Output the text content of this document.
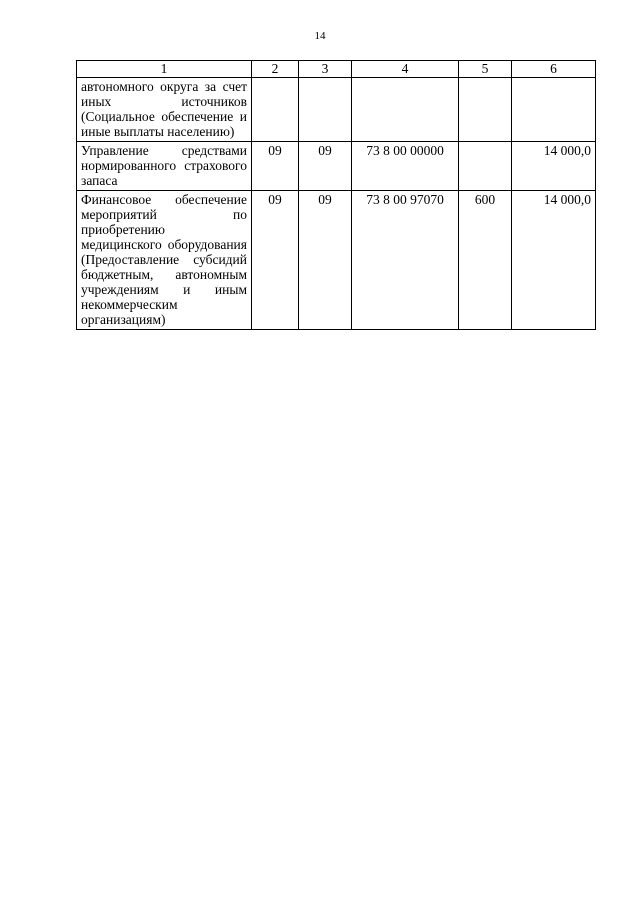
14
1	2	3	4	5	6
автономного округа за счет иных источников (Социальное обеспечение и иные выплаты населению)					
Управление средствами нормированного страхового запаса	09	09	73 8 00 00000		14 000,0
Финансовое обеспечение мероприятий по приобретению медицинского оборудования (Предоставление субсидий бюджетным, автономным учреждениям и иным некоммерческим организациям)	09	09	73 8 00 97070	600	14 000,0
